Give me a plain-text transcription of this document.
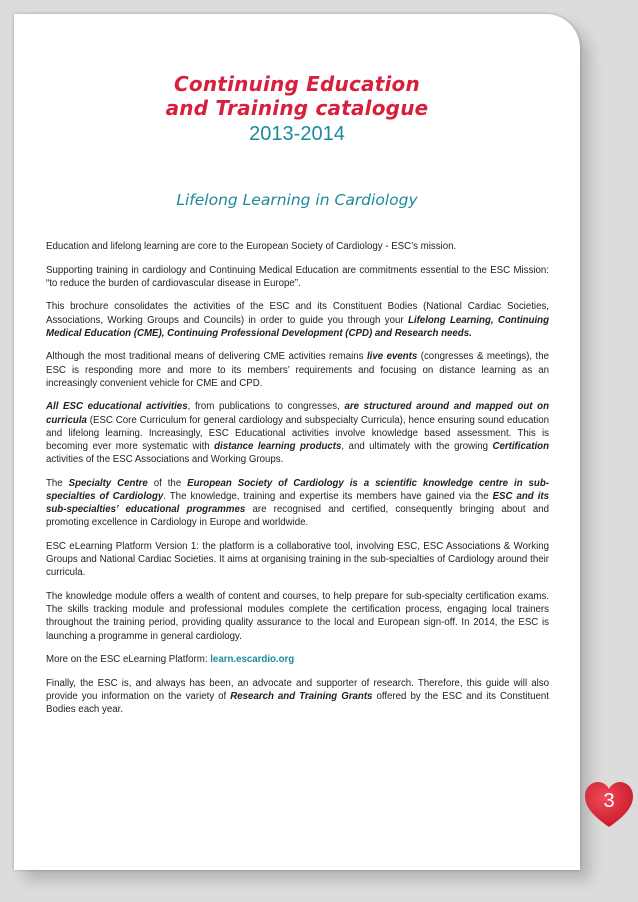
Continuing Education
and Training catalogue
2013-2014
Lifelong Learning in Cardiology

Education and lifelong learning are core to the European Society of Cardiology - ESC’s mission.

Supporting training in cardiology and Continuing Medical Education are commitments essential to the ESC Mission: “to reduce the burden of cardiovascular disease in Europe”.

This brochure consolidates the activities of the ESC and its Constituent Bodies (National Cardiac Societies, Associations, Working Groups and Councils) in order to guide you through your Lifelong Learning, Continuing Medical Education (CME), Continuing Professional Development (CPD) and Research needs.

Although the most traditional means of delivering CME activities remains live events (congresses & meetings), the ESC is responding more and more to its members’ requirements and focusing on distance learning as an increasingly convenient vehicle for CME and CPD.

All ESC educational activities, from publications to congresses, are structured around and mapped out on curricula (ESC Core Curriculum for general cardiology and subspecialty Curricula), hence ensuring sound education and lifelong learning. Increasingly, ESC Educational activities involve knowledge based assessment. This is becoming ever more systematic with distance learning products, and ultimately with the growing Certification activities of the ESC Associations and Working Groups.

The Specialty Centre of the European Society of Cardiology is a scientific knowledge centre in sub-specialties of Cardiology. The knowledge, training and expertise its members have gained via the ESC and its sub-specialties’ educational programmes are recognised and certified, consequently bringing about and promoting excellence in Cardiology in Europe and worldwide.

ESC eLearning Platform Version 1: the platform is a collaborative tool, involving ESC, ESC Associations & Working Groups and National Cardiac Societies. It aims at organising training in the sub-specialties of Cardiology around their curricula.

The knowledge module offers a wealth of content and courses, to help prepare for sub-specialty certification exams. The skills tracking module and professional modules complete the certification process, engaging local trainers throughout the training period, providing quality assurance to the local and European sign-off. In 2014, the ESC is launching a programme in general cardiology.

More on the ESC eLearning Platform: learn.escardio.org

Finally, the ESC is, and always has been, an advocate and supporter of research. Therefore, this guide will also provide you information on the variety of Research and Training Grants offered by the ESC and its Constituent Bodies each year.

3
